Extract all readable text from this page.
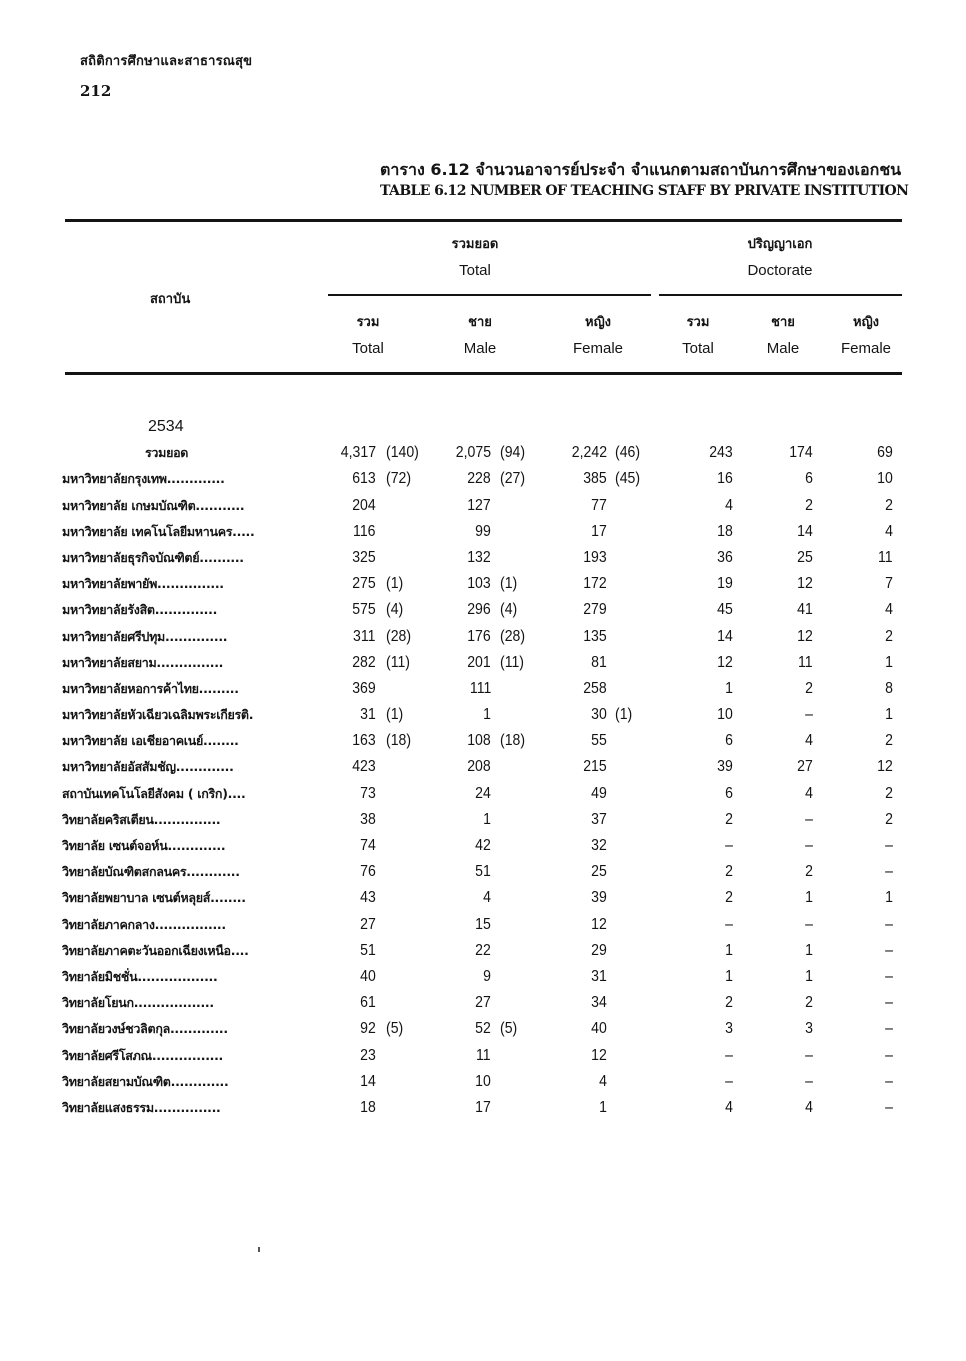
สถิติการศึกษาและสาธารณสุข
212
ตาราง 6.12 จำนวนอาจารย์ประจำ จำแนกตามสถาบันการศึกษาของเอกชน
TABLE 6.12 NUMBER OF TEACHING STAFF BY PRIVATE INSTITUTION
สถาบัน
รวมยอด
Total
ปริญญาเอก
Doctorate
รวม
Total
ชาย
Male
หญิง
Female
รวม
Total
ชาย
Male
หญิง
Female
2534
รวมยอด	4,317 (140) 2,075 (94)	2,242 (46)	243	174	69
มหาวิทยาลัยกรุงเทพ.............	613 (72)	228 (27)	385 (45)	16	6	10
มหาวิทยาลัย เกษมบัณฑิต...........	204	127	77	4	2	2
มหาวิทยาลัย เทคโนโลยีมหานคร.....	116	99	17	18	14	4
มหาวิทยาลัยธุรกิจบัณฑิตย์..........	325	132	193	36	25	11
มหาวิทยาลัยพายัพ...............	275 (1)	103 (1)	172	19	12	7
มหาวิทยาลัยรังสิต..............	575 (4)	296 (4)	279	45	41	4
มหาวิทยาลัยศรีปทุม..............	311 (28)	176 (28)	135	14	12	2
มหาวิทยาลัยสยาม...............	282 (11)	201 (11)	81	12	11	1
มหาวิทยาลัยหอการค้าไทย.........	369	111	258	1	2	8
มหาวิทยาลัยหัวเฉียวเฉลิมพระเกียรติ.	31 (1)	1	30 (1)	10	–	1
มหาวิทยาลัย เอเชียอาคเนย์........	163 (18)	108 (18)	55	6	4	2
มหาวิทยาลัยอัสสัมชัญ.............	423	208	215	39	27	12
สถาบันเทคโนโลยีสังคม ( เกริก)....	73	24	49	6	4	2
วิทยาลัยคริสเตียน...............	38	1	37	2	–	2
วิทยาลัย เซนต์จอห์น.............	74	42	32	–	–	–
วิทยาลัยบัณฑิตสกลนคร............	76	51	25	2	2	–
วิทยาลัยพยาบาล เซนต์หลุยส์........	43	4	39	2	1	1
วิทยาลัยภาคกลาง................	27	15	12	–	–	–
วิทยาลัยภาคตะวันออกเฉียงเหนือ....	51	22	29	1	1	–
วิทยาลัยมิชชั่น..................	40	9	31	1	1	–
วิทยาลัยโยนก..................	61	27	34	2	2	–
วิทยาลัยวงษ์ชวลิตกุล.............	92 (5)	52 (5)	40	3	3	–
วิทยาลัยศรีโสภณ................	23	11	12	–	–	–
วิทยาลัยสยามบัณฑิต.............	14	10	4	–	–	–
วิทยาลัยแสงธรรม...............	18	17	1	4	4	–
